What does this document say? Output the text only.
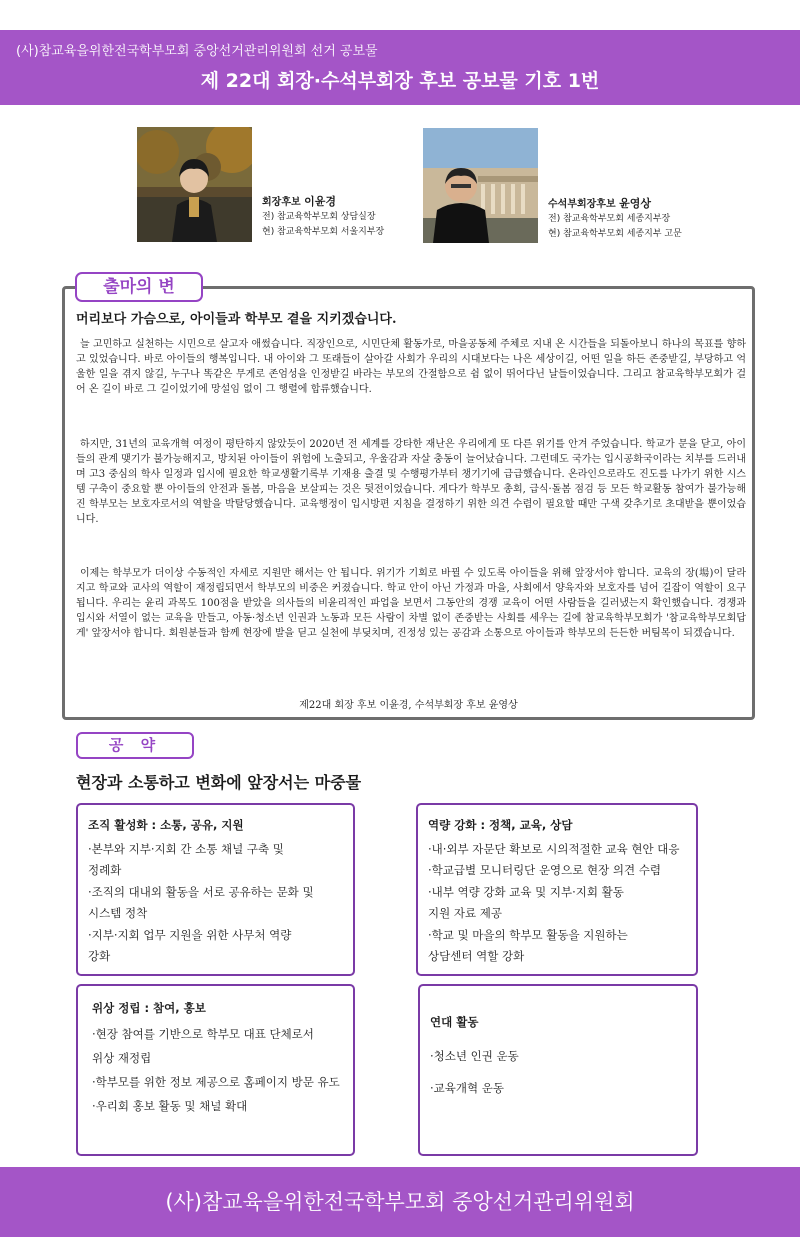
(사)참교육을위한전국학부모회 중앙선거관리위원회 선거 공보물
제 22대 회장·수석부회장 후보 공보물 기호 1번
회장후보 이윤경
전) 참교육학부모회 상담실장
현) 참교육학부모회 서울지부장
수석부회장후보 윤영상
전) 참교육학부모회 세종지부장
현) 참교육학부모회 세종지부 고문
출마의 변
머리보다 가슴으로, 아이들과 학부모 곁을 지키겠습니다.
늘 고민하고 실천하는 시민으로 살고자 애썼습니다. 직장인으로, 시민단체 활동가로, 마을공동체 주체로 지내 온 시간들을 되돌아보니 하나의 목표를 향하고 있었습니다. 바로 아이들의 행복입니다. 내 아이와 그 또래들이 살아갈 사회가 우리의 시대보다는 나은 세상이길, 어떤 일을 하든 존중받길, 부당하고 억울한 일을 겪지 않길, 누구나 똑같은 무게로 존엄성을 인정받길 바라는 부모의 간절함으로 쉼 없이 뛰어다닌 날들이었습니다. 그리고 참교육학부모회가 걸어 온 길이 바로 그 길이었기에 망설임 없이 그 행렬에 합류했습니다.
하지만, 31년의 교육개혁 여정이 평탄하지 않았듯이 2020년 전 세계를 강타한 재난은 우리에게 또 다른 위기를 안겨 주었습니다. 학교가 문을 닫고, 아이들의 관계 맺기가 불가능해지고, 방치된 아이들이 위험에 노출되고, 우울감과 자살 충동이 늘어났습니다. 그런데도 국가는 입시공화국이라는 치부를 드러내며 고3 중심의 학사 일정과 입시에 필요한 학교생활기록부 기재용 출결 및 수행평가부터 챙기기에 급급했습니다. 온라인으로라도 진도를 나가기 위한 시스템 구축이 중요할 뿐 아이들의 안전과 돌봄, 마음을 보살피는 것은 뒷전이었습니다. 게다가 학부모 총회, 급식·돌봄 점검 등 모든 학교활동 참여가 불가능해진 학부모는 보호자로서의 역할을 박탈당했습니다. 교육행정이 입시방편 지침을 결정하기 위한 의견 수렴이 필요할 때만 구색 갖추기로 초대받을 뿐이었습니다.
이제는 학부모가 더이상 수동적인 자세로 지원만 해서는 안 됩니다. 위기가 기회로 바뀔 수 있도록 아이들을 위해 앞장서야 합니다. 교육의 장(場)이 달라지고 학교와 교사의 역할이 재정립되면서 학부모의 비중은 커졌습니다. 학교 안이 아닌 가정과 마을, 사회에서 양육자와 보호자를 넘어 길잡이 역할이 요구됩니다. 우리는 윤리 과목도 100점을 받았을 의사들의 비윤리적인 파업을 보면서 그동안의 경쟁 교육이 어떤 사람들을 길러냈는지 확인했습니다. 경쟁과 입시와 서열이 없는 교육을 만들고, 아동·청소년 인권과 노동과 모든 사람이 차별 없이 존중받는 사회를 세우는 길에 참교육학부모회가 '참교육학부모회답게' 앞장서야 합니다. 회원분들과 함께 현장에 발을 딛고 실천에 부딪치며, 진정성 있는 공감과 소통으로 아이들과 학부모의 든든한 버팀목이 되겠습니다.
제22대 회장 후보 이윤경, 수석부회장 후보 윤영상
공 약
현장과 소통하고 변화에 앞장서는 마중물
조직 활성화 : 소통, 공유, 지원
·본부와 지부·지회 간 소통 채널 구축 및
정례화
·조직의 대내외 활동을 서로 공유하는 문화 및
시스템 정착
·지부·지회 업무 지원을 위한 사무처 역량
강화
역량 강화 : 정책, 교육, 상담
·내·외부 자문단 확보로 시의적절한 교육 현안 대응
·학교급별 모니터링단 운영으로 현장 의견 수렴
·내부 역량 강화 교육 및 지부·지회 활동
지원 자료 제공
·학교 및 마을의 학부모 활동을 지원하는
상담센터 역할 강화
위상 정립 : 참여, 홍보
·현장 참여를 기반으로 학부모 대표 단체로서
위상 재정립
·학부모를 위한 정보 제공으로 홈페이지 방문 유도
·우리회 홍보 활동 및 채널 확대
연대 활동
·청소년 인권 운동
·교육개혁 운동
(사)참교육을위한전국학부모회 중앙선거관리위원회
